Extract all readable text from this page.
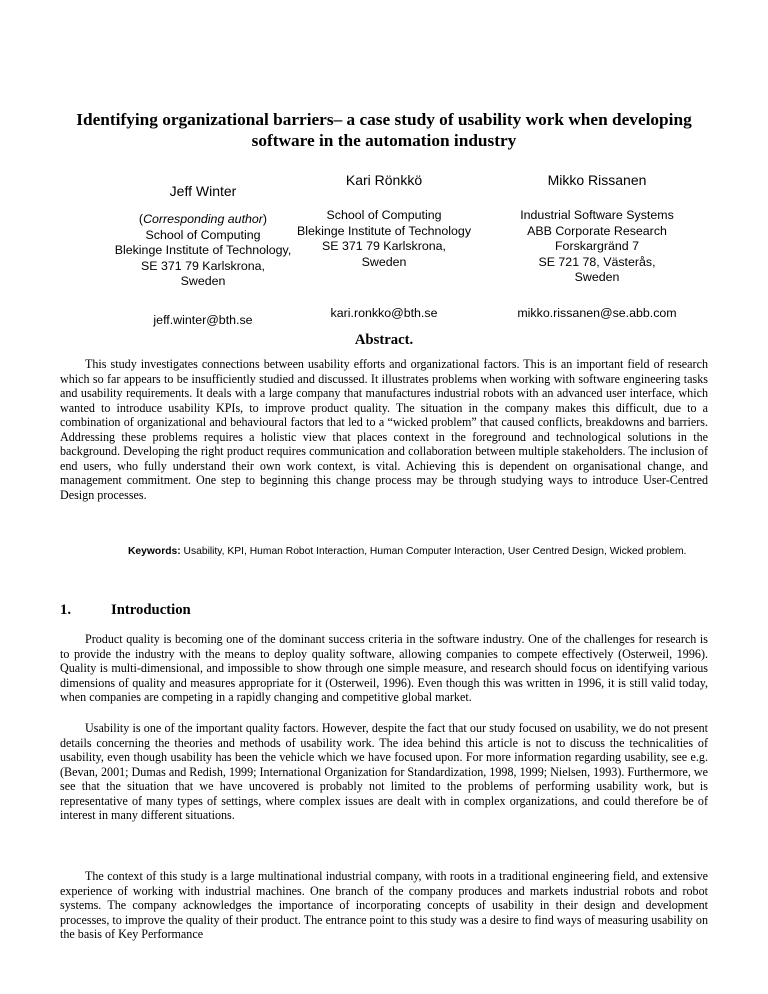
Identifying organizational barriers– a case study of usability work when developing software in the automation industry
Jeff Winter
(Corresponding author)
School of Computing
Blekinge Institute of Technology,
SE 371 79 Karlskrona,
Sweden
jeff.winter@bth.se
Kari Rönkkö
School of Computing
Blekinge Institute of Technology
SE 371 79 Karlskrona,
Sweden
kari.ronkko@bth.se
Mikko Rissanen
Industrial Software Systems
ABB Corporate Research
Forskargränd 7
SE 721 78, Västerås,
Sweden
mikko.rissanen@se.abb.com
Abstract.

This study investigates connections between usability efforts and organizational factors. This is an important field of research which so far appears to be insufficiently studied and discussed. It illustrates problems when working with software engineering tasks and usability requirements. It deals with a large company that manufactures industrial robots with an advanced user interface, which wanted to introduce usability KPIs, to improve product quality. The situation in the company makes this difficult, due to a combination of organizational and behavioural factors that led to a “wicked problem” that caused conflicts, breakdowns and barriers. Addressing these problems requires a holistic view that places context in the foreground and technological solutions in the background. Developing the right product requires communication and collaboration between multiple stakeholders. The inclusion of end users, who fully understand their own work context, is vital. Achieving this is dependent on organisational change, and management commitment. One step to beginning this change process may be through studying ways to introduce User-Centred Design processes.

Keywords: Usability, KPI, Human Robot Interaction, Human Computer Interaction, User Centred Design, Wicked problem.
1.	Introduction

Product quality is becoming one of the dominant success criteria in the software industry. One of the challenges for research is to provide the industry with the means to deploy quality software, allowing companies to compete effectively (Osterweil, 1996). Quality is multi-dimensional, and impossible to show through one simple measure, and research should focus on identifying various dimensions of quality and measures appropriate for it (Osterweil, 1996). Even though this was written in 1996, it is still valid today, when companies are competing in a rapidly changing and competitive global market.

Usability is one of the important quality factors. However, despite the fact that our study focused on usability, we do not present details concerning the theories and methods of usability work. The idea behind this article is not to discuss the technicalities of usability, even though usability has been the vehicle which we have focused upon. For more information regarding usability, see e.g. (Bevan, 2001; Dumas and Redish, 1999; International Organization for Standardization, 1998, 1999; Nielsen, 1993). Furthermore, we see that the situation that we have uncovered is probably not limited to the problems of performing usability work, but is representative of many types of settings, where complex issues are dealt with in complex organizations, and could therefore be of interest in many different situations.

The context of this study is a large multinational industrial company, with roots in a traditional engineering field, and extensive experience of working with industrial machines. One branch of the company produces and markets industrial robots and robot systems. The company acknowledges the importance of incorporating concepts of usability in their design and development processes, to improve the quality of their product. The entrance point to this study was a desire to find ways of measuring usability on the basis of Key Performance
